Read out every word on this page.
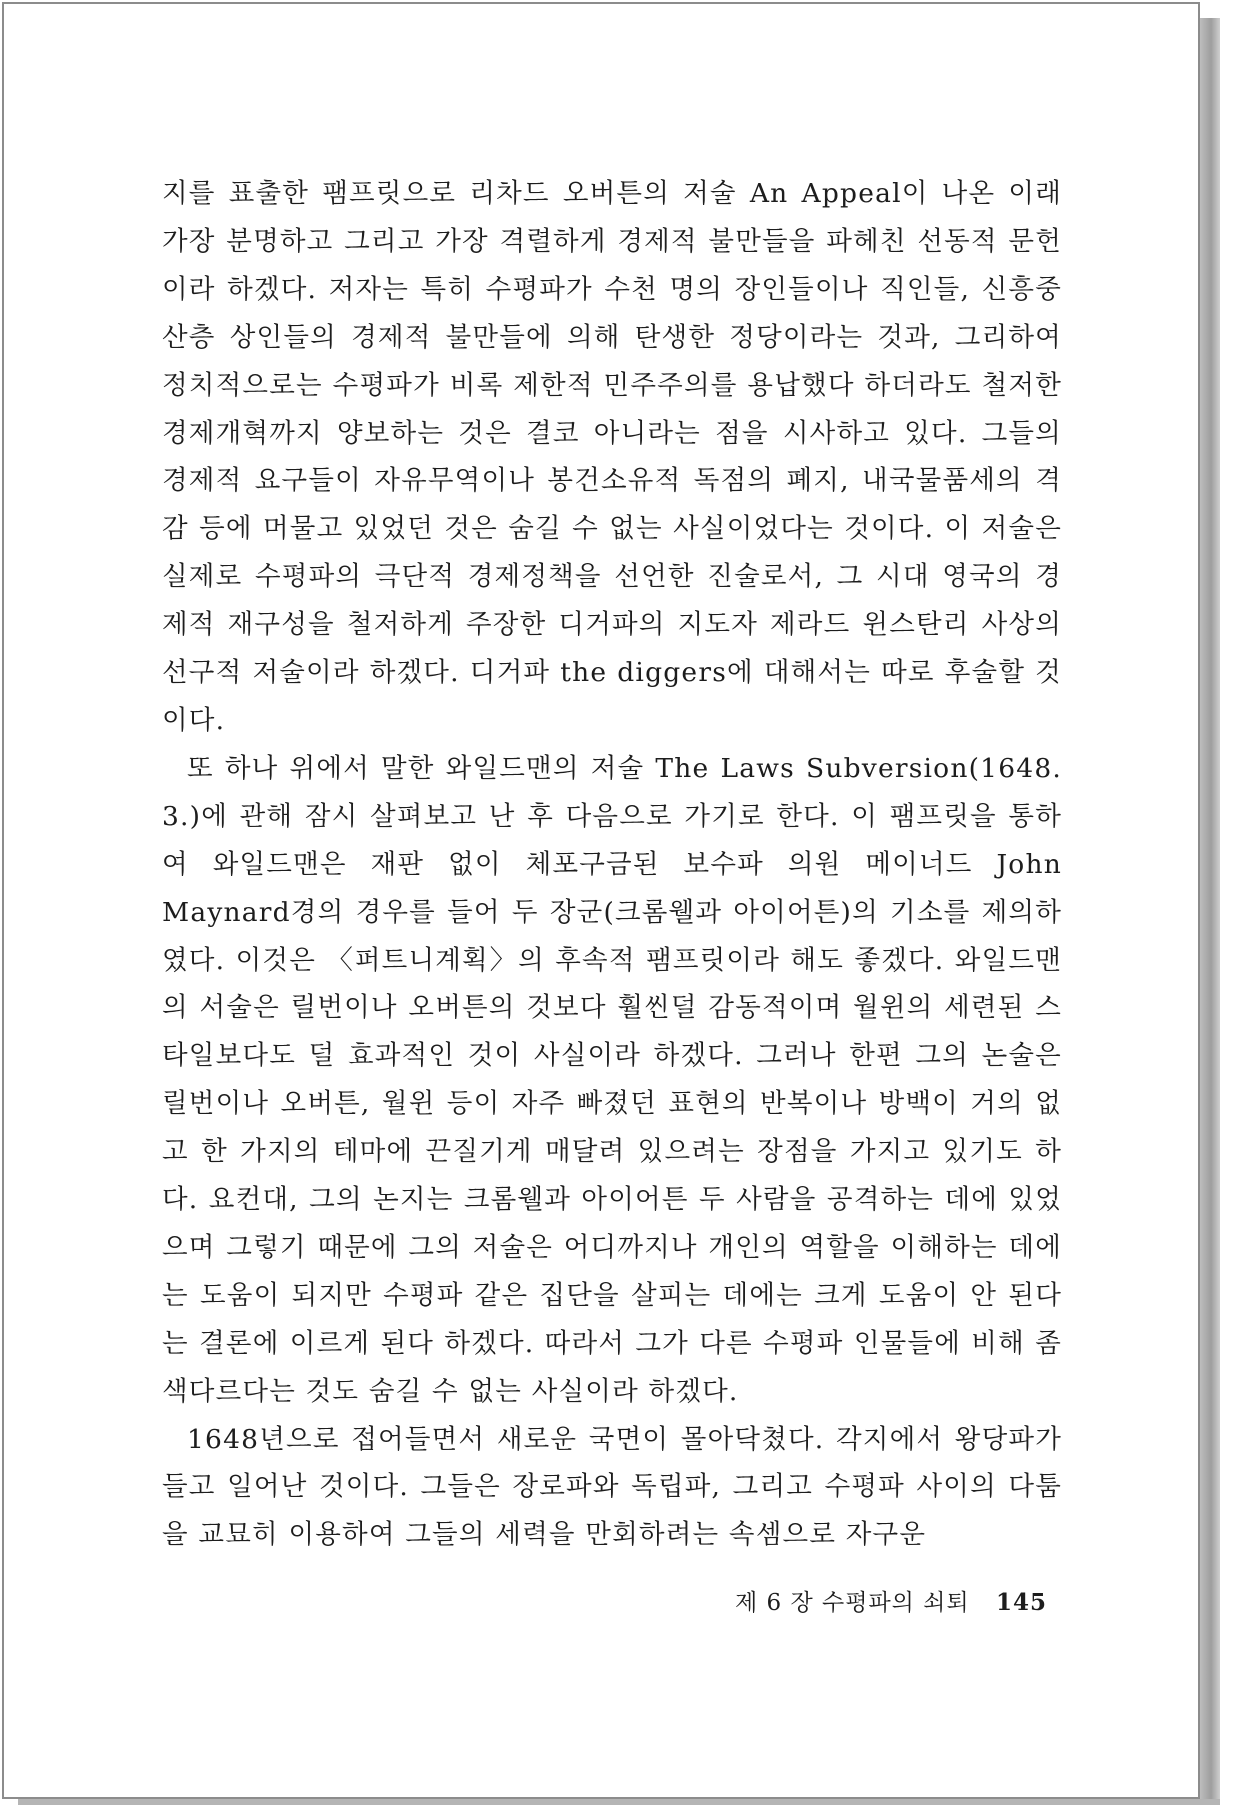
지를 표출한 팸프릿으로 리차드 오버튼의 저술 An Appeal이 나온 이래 가장 분명하고 그리고 가장 격렬하게 경제적 불만들을 파헤친 선동적 문헌이라 하겠다. 저자는 특히 수평파가 수천 명의 장인들이나 직인들, 신흥중산층 상인들의 경제적 불만들에 의해 탄생한 정당이라는 것과, 그리하여 정치적으로는 수평파가 비록 제한적 민주주의를 용납했다 하더라도 철저한 경제개혁까지 양보하는 것은 결코 아니라는 점을 시사하고 있다. 그들의 경제적 요구들이 자유무역이나 봉건소유적 독점의 폐지, 내국물품세의 격감 등에 머물고 있었던 것은 숨길 수 없는 사실이었다는 것이다. 이 저술은 실제로 수평파의 극단적 경제정책을 선언한 진술로서, 그 시대 영국의 경제적 재구성을 철저하게 주장한 디거파의 지도자 제라드 윈스탄리 사상의 선구적 저술이라 하겠다. 디거파 the diggers에 대해서는 따로 후술할 것이다.

또 하나 위에서 말한 와일드맨의 저술 The Laws Subversion(1648. 3.)에 관해 잠시 살펴보고 난 후 다음으로 가기로 한다. 이 팸프릿을 통하여 와일드맨은 재판 없이 체포구금된 보수파 의원 메이너드 John Maynard경의 경우를 들어 두 장군(크롬웰과 아이어튼)의 기소를 제의하였다. 이것은 〈퍼트니계획〉의 후속적 팸프릿이라 해도 좋겠다. 와일드맨의 서술은 릴번이나 오버튼의 것보다 훨씬덜 감동적이며 월윈의 세련된 스타일보다도 덜 효과적인 것이 사실이라 하겠다. 그러나 한편 그의 논술은 릴번이나 오버튼, 월윈 등이 자주 빠졌던 표현의 반복이나 방백이 거의 없고 한 가지의 테마에 끈질기게 매달려 있으려는 장점을 가지고 있기도 하다. 요컨대, 그의 논지는 크롬웰과 아이어튼 두 사람을 공격하는 데에 있었으며 그렇기 때문에 그의 저술은 어디까지나 개인의 역할을 이해하는 데에는 도움이 되지만 수평파 같은 집단을 살피는 데에는 크게 도움이 안 된다는 결론에 이르게 된다 하겠다. 따라서 그가 다른 수평파 인물들에 비해 좀 색다르다는 것도 숨길 수 없는 사실이라 하겠다.

1648년으로 접어들면서 새로운 국면이 몰아닥쳤다. 각지에서 왕당파가 들고 일어난 것이다. 그들은 장로파와 독립파, 그리고 수평파 사이의 다툼을 교묘히 이용하여 그들의 세력을 만회하려는 속셈으로 자구운

제 6 장 수평파의 쇠퇴 145
